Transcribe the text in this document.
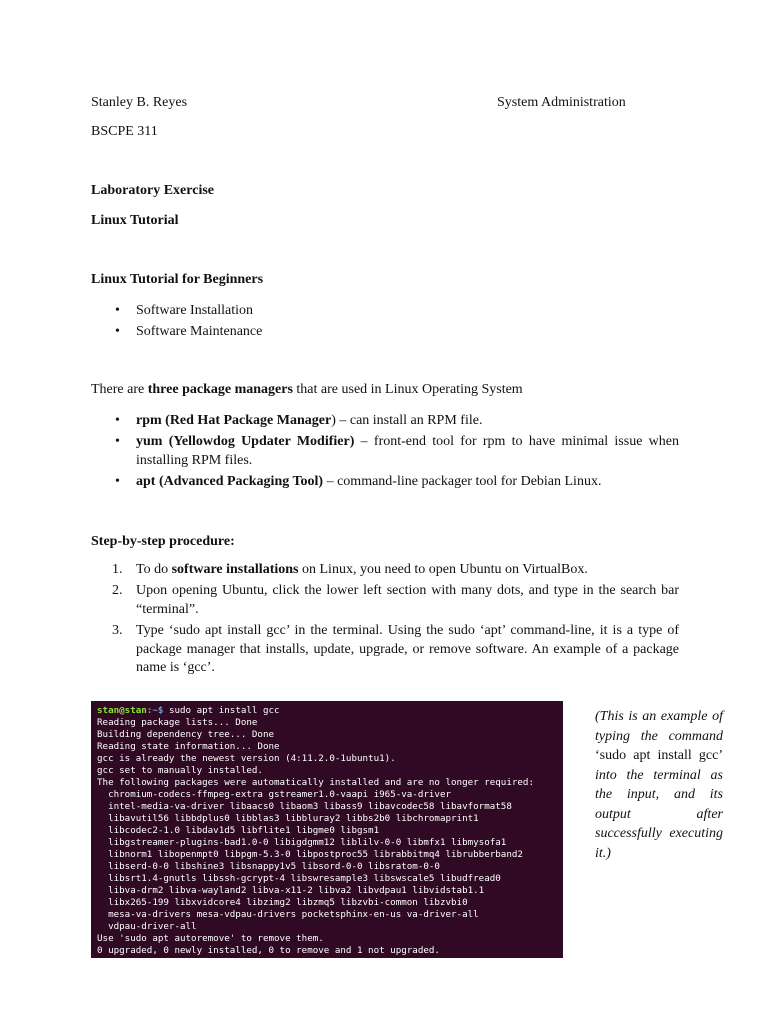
Stanley B. Reyes	System Administration
BSCPE 311
Laboratory Exercise
Linux Tutorial
Linux Tutorial for Beginners
•	Software Installation
•	Software Maintenance
There are three package managers that are used in Linux Operating System
•	rpm (Red Hat Package Manager) – can install an RPM file.
•	yum (Yellowdog Updater Modifier) – front-end tool for rpm to have minimal issue when installing RPM files.
•	apt (Advanced Packaging Tool) – command-line packager tool for Debian Linux.
Step-by-step procedure:
1. To do software installations on Linux, you need to open Ubuntu on VirtualBox.
2. Upon opening Ubuntu, click the lower left section with many dots, and type in the search bar “terminal”.
3. Type ‘sudo apt install gcc’ in the terminal. Using the sudo ‘apt’ command-line, it is a type of package manager that installs, update, upgrade, or remove software. An example of a package name is ‘gcc’.
stan@stan:~$ sudo apt install gcc
Reading package lists... Done
Building dependency tree... Done
Reading state information... Done
gcc is already the newest version (4:11.2.0-1ubuntu1).
gcc set to manually installed.
The following packages were automatically installed and are no longer required:
chromium-codecs-ffmpeg-extra gstreamer1.0-vaapi i965-va-driver
intel-media-va-driver libaacs0 libaom3 libass9 libavcodec58 libavformat58
libavutil56 libbdplus0 libblas3 libbluray2 libbs2b0 libchromaprint1
libcodec2-1.0 libdav1d5 libflite1 libgme0 libgsm1
libgstreamer-plugins-bad1.0-0 libigdgmm12 liblilv-0-0 libmfx1 libmysofa1
libnorm1 libopenmpt0 libpgm-5.3-0 libpostproc55 librabbitmq4 librubberband2
libserd-0-0 libshine3 libsnappy1v5 libsord-0-0 libsratom-0-0
libsrt1.4-gnutls libssh-gcrypt-4 libswresample3 libswscale5 libudfread0
libva-drm2 libva-wayland2 libva-x11-2 libva2 libvdpau1 libvidstab1.1
libx265-199 libxvidcore4 libzimg2 libzmq5 libzvbi-common libzvbi0
mesa-va-drivers mesa-vdpau-drivers pocketsphinx-en-us va-driver-all
vdpau-driver-all
Use 'sudo apt autoremove' to remove them.
0 upgraded, 0 newly installed, 0 to remove and 1 not upgraded.
(This is an example of typing the command ‘sudo apt install gcc’ into the terminal as the input, and its output after successfully executing it.)
